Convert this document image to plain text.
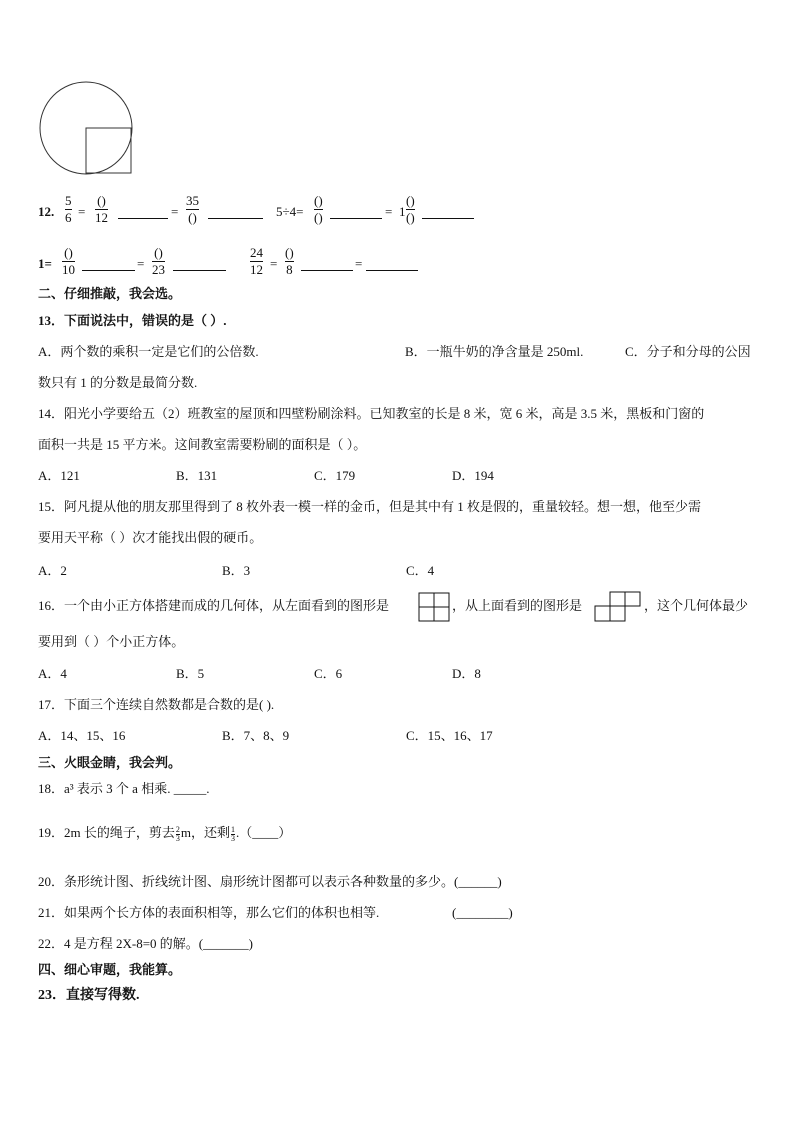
12.
5
6 =
()
12	=
35
()	5÷4=
()
()	= 1
()
()
1=
()
10	=
()
23
24
12 =
()
8	=
二、仔细推敲，我会选。
13．下面说法中，错误的是（ ）.
A．两个数的乘积一定是它们的公倍数.	B．一瓶牛奶的净含量是 250ml.	C．分子和分母的公因
数只有 1 的分数是最简分数.
14．阳光小学要给五（2）班教室的屋顶和四壁粉刷涂料。已知教室的长是 8 米，宽 6 米，高是 3.5 米，黑板和门窗的
面积一共是 15 平方米。这间教室需要粉刷的面积是（ ）。
A．121	B．131	C．179	D．194
15．阿凡提从他的朋友那里得到了 8 枚外表一模一样的金币，但是其中有 1 枚是假的，重量较轻。想一想，他至少需
要用天平称（ ）次才能找出假的硬币。
A．2	B．3	C．4
16．一个由小正方体搭建而成的几何体，从左面看到的图形是	，从上面看到的图形是	，这个几何体最少
要用到（ ）个小正方体。
A．4	B．5	C．6	D．8
17．下面三个连续自然数都是合数的是( ).
A．14、15、16	B．7、8、9	C．15、16、17
三、火眼金睛，我会判。
18．a³ 表示 3 个 a 相乘. _____.
19．2m 长的绳子，剪去 $\frac{2}{3}$ m，还剩 $\frac{1}{3}$ .（____）
20．条形统计图、折线统计图、扇形统计图都可以表示各种数量的多少。(______)
21．如果两个长方体的表面积相等，那么它们的体积也相等.	(________)
22．4 是方程 2X-8=0 的解。(_______)
四、细心审题，我能算。
23．直接写得数.
